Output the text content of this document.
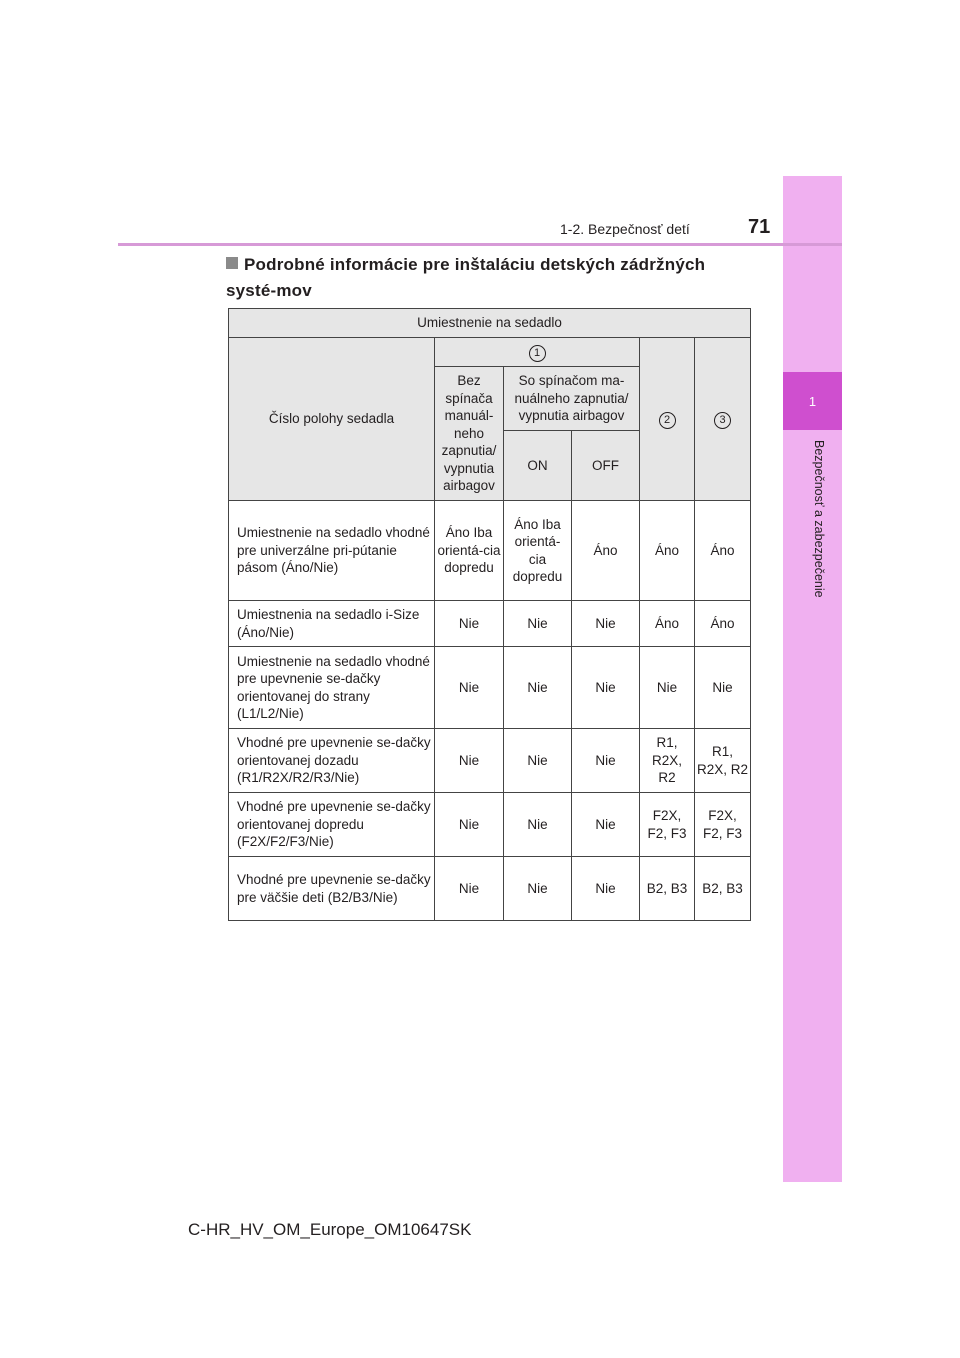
1
Bezpečnosť a zabezpečenie
1-2. Bezpečnosť detí	71
Podrobné informácie pre inštaláciu detských zádržných systé-mov
Umiestnenie na sedadlo					
Číslo polohy sedadla	1			2	3
	Bez spínača manuál-neho zapnutia/ vypnutia airbagov	So spínačom ma-nuálneho zapnutia/ vypnutia airbagov			
		ON	OFF		
Umiestnenie na sedadlo vhodné pre univerzálne pri-pútanie pásom (Áno/Nie)	Áno Iba orientá-cia dopredu	Áno Iba orientá-cia dopredu	Áno	Áno	Áno
Umiestnenia na sedadlo i-Size (Áno/Nie)	Nie	Nie	Nie	Áno	Áno
Umiestnenie na sedadlo vhodné pre upevnenie se-dačky orientovanej do strany (L1/L2/Nie)	Nie	Nie	Nie	Nie	Nie
Vhodné pre upevnenie se-dačky orientovanej dozadu (R1/R2X/R2/R3/Nie)	Nie	Nie	Nie	R1, R2X, R2	R1, R2X, R2
Vhodné pre upevnenie se-dačky orientovanej dopredu (F2X/F2/F3/Nie)	Nie	Nie	Nie	F2X, F2, F3	F2X, F2, F3
Vhodné pre upevnenie se-dačky pre väčšie deti (B2/B3/Nie)	Nie	Nie	Nie	B2, B3	B2, B3
C-HR_HV_OM_Europe_OM10647SK
